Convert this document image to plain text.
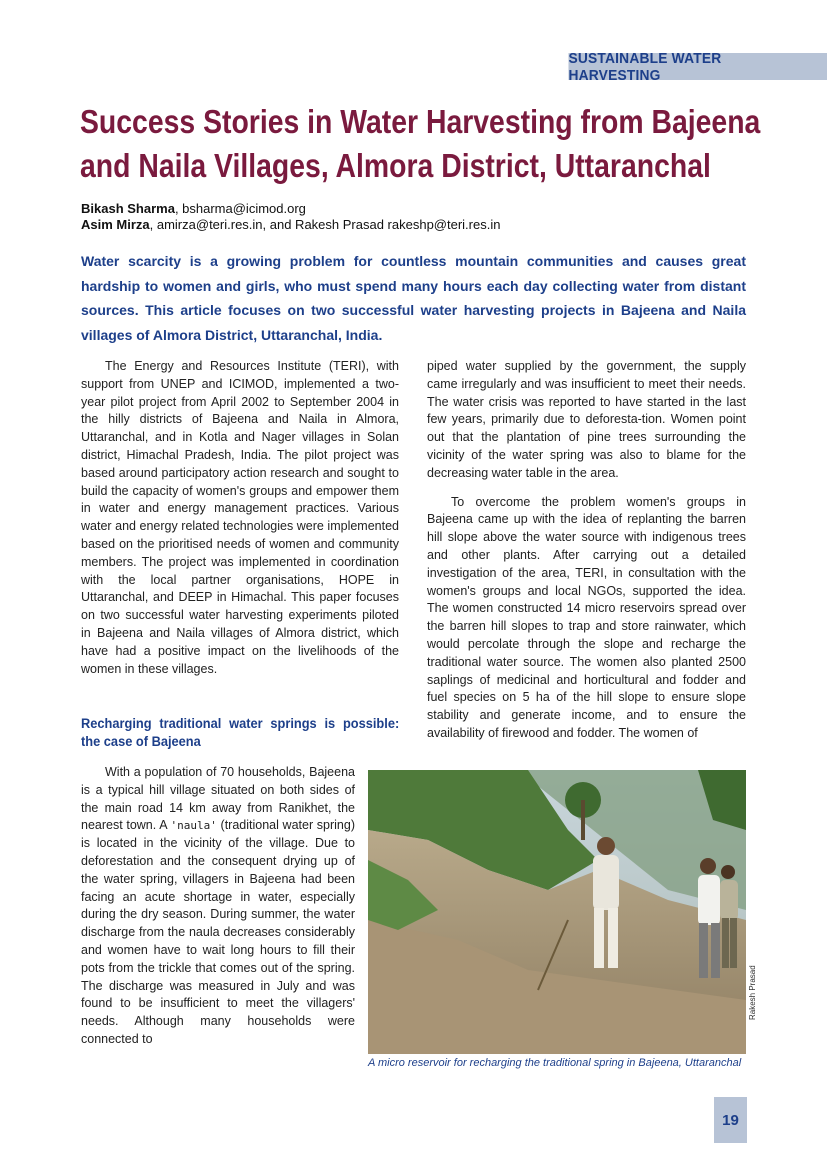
SUSTAINABLE WATER HARVESTING
Success Stories in Water Harvesting from Bajeena and Naila Villages, Almora District, Uttaranchal
Bikash Sharma, bsharma@icimod.org
Asim Mirza, amirza@teri.res.in, and Rakesh Prasad rakeshp@teri.res.in
Water scarcity is a growing problem for countless mountain communities and causes great hardship to women and girls, who must spend many hours each day collecting water from distant sources. This article focuses on two successful water harvesting projects in Bajeena and Naila villages of Almora District, Uttaranchal, India.

The Energy and Resources Institute (TERI), with support from UNEP and ICIMOD, implemented a two-year pilot project from April 2002 to September 2004 in the hilly districts of Bajeena and Naila in Almora, Uttaranchal, and in Kotla and Nager villages in Solan district, Himachal Pradesh, India. The pilot project was based around participatory action research and sought to build the capacity of women's groups and empower them in water and energy management practices. Various water and energy related technologies were implemented based on the prioritised needs of women and community members. The project was implemented in coordination with the local partner organisations, HOPE in Uttaranchal, and DEEP in Himachal. This paper focuses on two successful water harvesting experiments piloted in Bajeena and Naila villages of Almora district, which have had a positive impact on the livelihoods of the women in these villages.

Recharging traditional water springs is possible: the case of Bajeena

With a population of 70 households, Bajeena is a typical hill village situated on both sides of the main road 14 km away from Ranikhet, the nearest town. A 'naula' (traditional water spring) is located in the vicinity of the village. Due to deforestation and the consequent drying up of the water spring, villagers in Bajeena had been facing an acute shortage in water, especially during the dry season. During summer, the water discharge from the naula decreases considerably and women have to wait long hours to fill their pots from the trickle that comes out of the spring. The discharge was measured in July and was found to be insufficient to meet the villagers' needs. Although many households were connected to

piped water supplied by the government, the supply came irregularly and was insufficient to meet their needs. The water crisis was reported to have started in the last few years, primarily due to deforesta-tion. Women point out that the plantation of pine trees surrounding the vicinity of the water spring was also to blame for the decreasing water table in the area.

To overcome the problem women's groups in Bajeena came up with the idea of replanting the barren hill slope above the water source with indigenous trees and other plants. After carrying out a detailed investigation of the area, TERI, in consultation with the women's groups and local NGOs, supported the idea. The women constructed 14 micro reservoirs spread over the barren hill slopes to trap and store rainwater, which would percolate through the slope and recharge the traditional water source. The women also planted 2500 saplings of medicinal and horticultural and fodder and fuel species on 5 ha of the hill slope to ensure slope stability and generate income, and to ensure the availability of firewood and fodder. The women of

Rakesh Prasad
A micro reservoir for recharging the traditional spring in Bajeena, Uttaranchal
19
